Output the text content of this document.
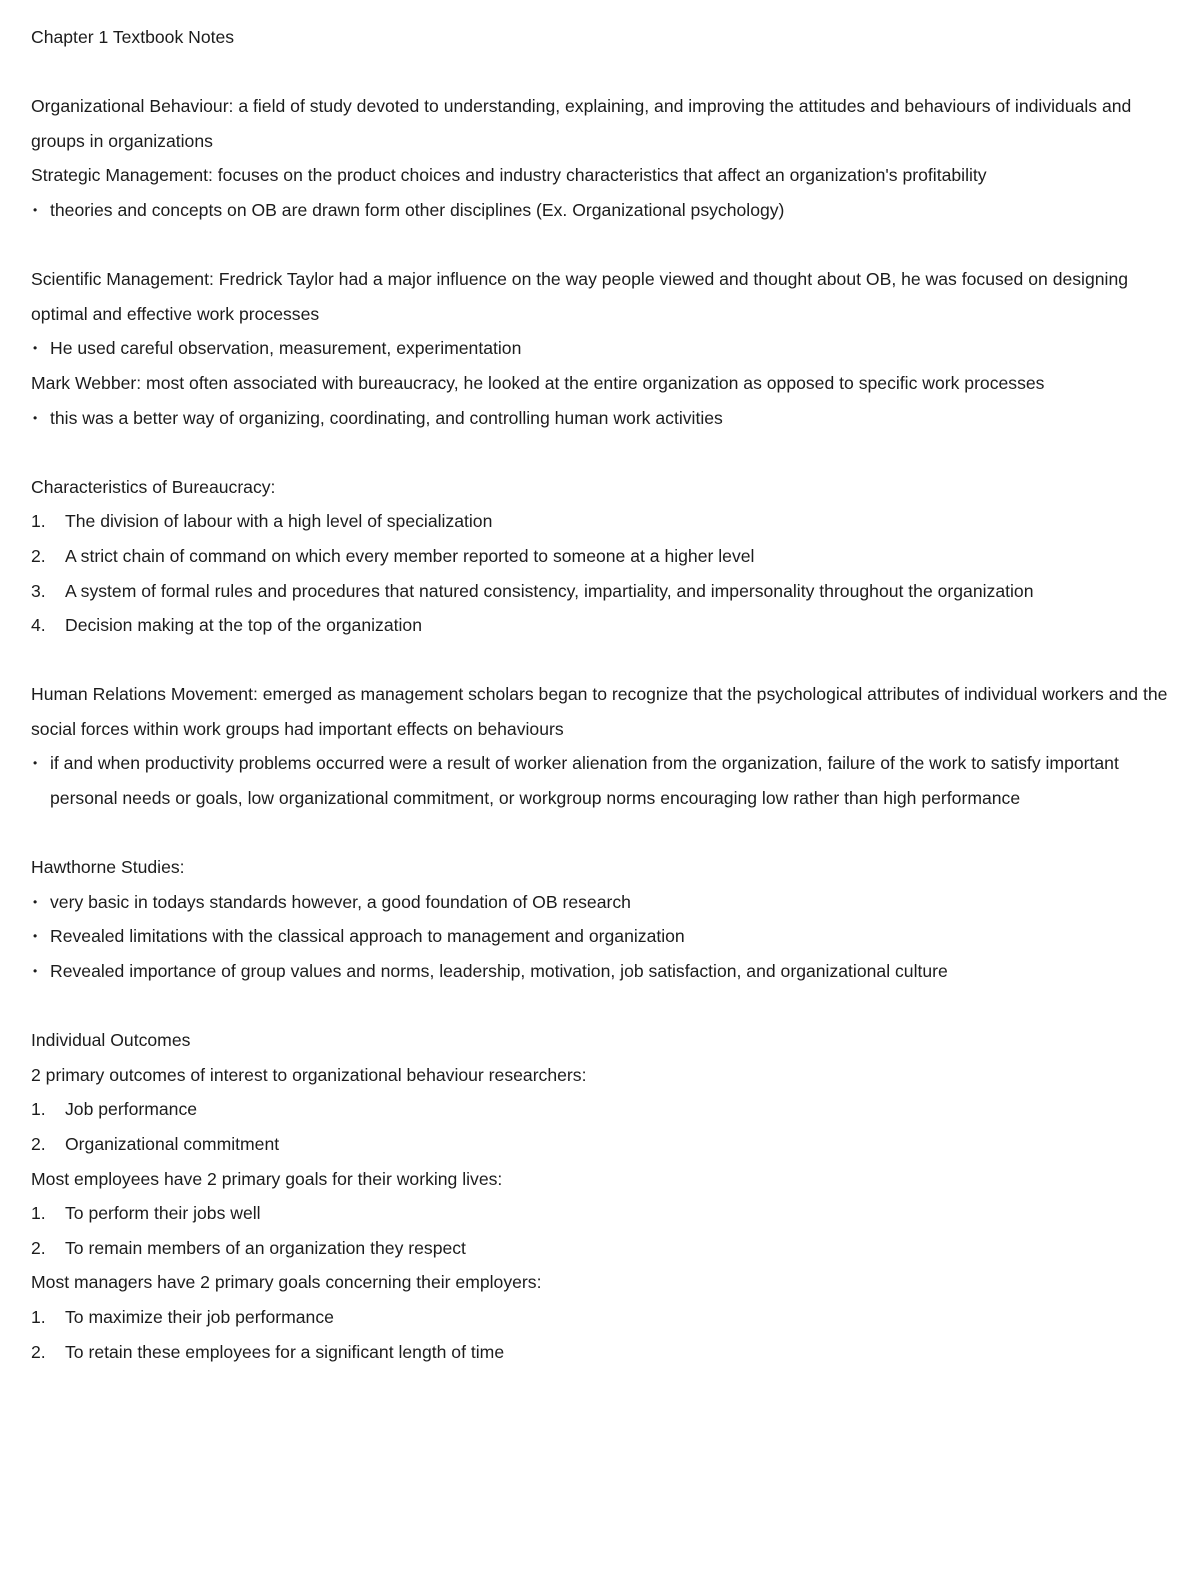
Chapter 1 Textbook Notes

Organizational Behaviour: a field of study devoted to understanding, explaining, and improving the attitudes and behaviours of individuals and groups in organizations

Strategic Management: focuses on the product choices and industry characteristics that affect an organization's profitability

• theories and concepts on OB are drawn form other disciplines (Ex. Organizational psychology)

Scientific Management: Fredrick Taylor had a major influence on the way people viewed and thought about OB, he was focused on designing optimal and effective work processes

• He used careful observation, measurement, experimentation

Mark Webber: most often associated with bureaucracy, he looked at the entire organization as opposed to specific work processes

• this was a better way of organizing, coordinating, and controlling human work activities

Characteristics of Bureaucracy:

1.	The division of labour with a high level of specialization
2.	A strict chain of command on which every member reported to someone at a higher level
3.	A system of formal rules and procedures that natured consistency, impartiality, and impersonality throughout the organization
4.	Decision making at the top of the organization

Human Relations Movement: emerged as management scholars began to recognize that the psychological attributes of individual workers and the social forces within work groups had important effects on behaviours

• if and when productivity problems occurred were a result of worker alienation from the organization, failure of the work to satisfy important personal needs or goals, low organizational commitment, or workgroup norms encouraging low rather than high performance

Hawthorne Studies:

• very basic in todays standards however, a good foundation of OB research
• Revealed limitations with the classical approach to management and organization
• Revealed importance of group values and norms, leadership, motivation, job satisfaction, and organizational culture

Individual Outcomes

2 primary outcomes of interest to organizational behaviour researchers:

1.	Job performance
2.	Organizational commitment

Most employees have 2 primary goals for their working lives:

1.	To perform their jobs well
2.	To remain members of an organization they respect

Most managers have 2 primary goals concerning their employers:

1.	To maximize their job performance
2.	To retain these employees for a significant length of time
